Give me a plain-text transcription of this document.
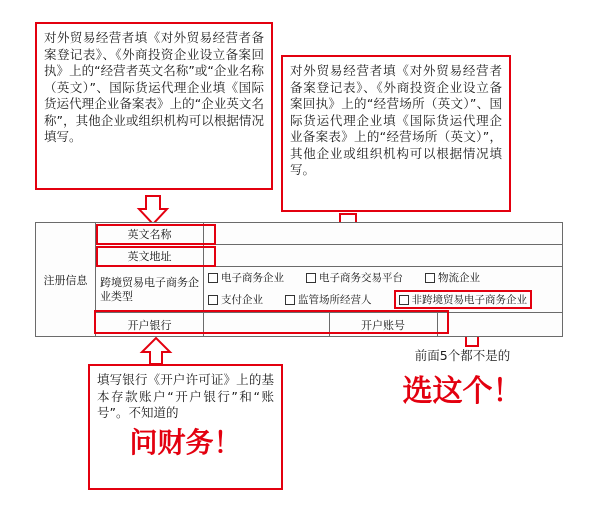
对外贸易经营者填《对外贸易经营者备案登记表》、《外商投资企业设立备案回执》上的“经营者英文名称”或“企业名称（英文）”、国际货运代理企业填《国际货运代理企业备案表》上的“企业英文名称”，其他企业或组织机构可以根据情况填写。
对外贸易经营者填《对外贸易经营者备案登记表》、《外商投资企业设立备案回执》上的“经营场所（英文）”、国际货运代理企业填《国际货运代理企业备案表》上的“经营场所（英文）”，其他企业或组织机构可以根据情况填写。
注册信息
英文名称
英文地址
跨境贸易电子商务企业类型
电子商务企业	电子商务交易平台	物流企业
支付企业	监管场所经营人	非跨境贸易电子商务企业
开户银行	开户账号
填写银行《开户许可证》上的基本存款账户“开户银行”和“账号”。不知道的
问财务！
前面5个都不是的
选这个！
